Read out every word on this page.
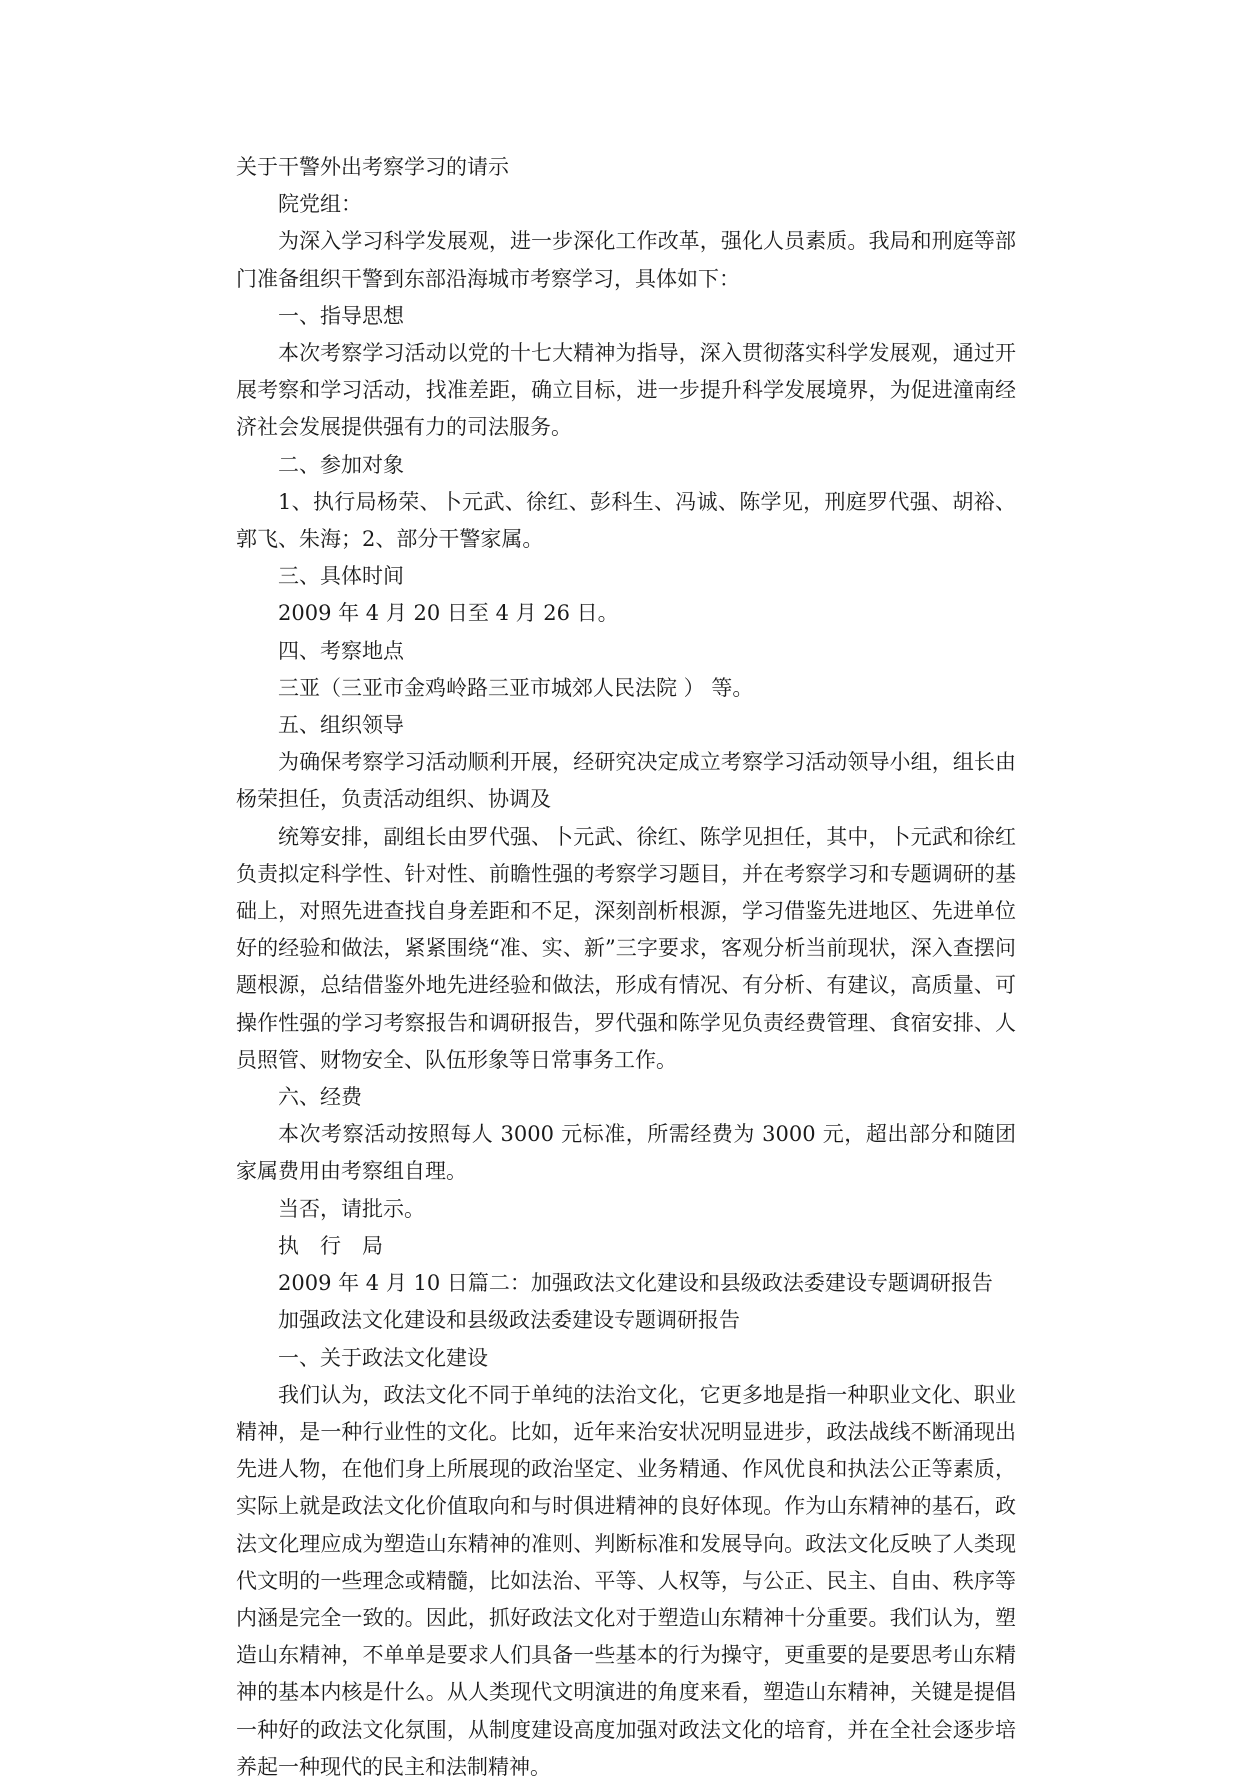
关于干警外出考察学习的请示

院党组：

为深入学习科学发展观，进一步深化工作改革，强化人员素质。我局和刑庭等部门准备组织干警到东部沿海城市考察学习，具体如下：

一、指导思想

本次考察学习活动以党的十七大精神为指导，深入贯彻落实科学发展观，通过开展考察和学习活动，找准差距，确立目标，进一步提升科学发展境界，为促进潼南经济社会发展提供强有力的司法服务。

二、参加对象

1、执行局杨荣、卜元武、徐红、彭科生、冯诚、陈学见，刑庭罗代强、胡裕、郭飞、朱海；2、部分干警家属。

三、具体时间

2009 年 4 月 20 日至 4 月 26 日。

四、考察地点

三亚（三亚市金鸡岭路三亚市城郊人民法院 ） 等。

五、组织领导

为确保考察学习活动顺利开展，经研究决定成立考察学习活动领导小组，组长由杨荣担任，负责活动组织、协调及

统筹安排，副组长由罗代强、卜元武、徐红、陈学见担任，其中，卜元武和徐红负责拟定科学性、针对性、前瞻性强的考察学习题目，并在考察学习和专题调研的基础上，对照先进查找自身差距和不足，深刻剖析根源，学习借鉴先进地区、先进单位好的经验和做法，紧紧围绕“准、实、新”三字要求，客观分析当前现状，深入查摆问题根源，总结借鉴外地先进经验和做法，形成有情况、有分析、有建议，高质量、可操作性强的学习考察报告和调研报告，罗代强和陈学见负责经费管理、食宿安排、人员照管、财物安全、队伍形象等日常事务工作。

六、经费

本次考察活动按照每人 3000 元标准，所需经费为 3000 元，超出部分和随团家属费用由考察组自理。

当否，请批示。

执　行　局

2009 年 4 月 10 日篇二：加强政法文化建设和县级政法委建设专题调研报告

加强政法文化建设和县级政法委建设专题调研报告

一、关于政法文化建设

我们认为，政法文化不同于单纯的法治文化，它更多地是指一种职业文化、职业精神，是一种行业性的文化。比如，近年来治安状况明显进步，政法战线不断涌现出先进人物，在他们身上所展现的政治坚定、业务精通、作风优良和执法公正等素质，实际上就是政法文化价值取向和与时俱进精神的良好体现。作为山东精神的基石，政法文化理应成为塑造山东精神的准则、判断标准和发展导向。政法文化反映了人类现代文明的一些理念或精髓，比如法治、平等、人权等，与公正、民主、自由、秩序等内涵是完全一致的。因此，抓好政法文化对于塑造山东精神十分重要。我们认为，塑造山东精神，不单单是要求人们具备一些基本的行为操守，更重要的是要思考山东精神的基本内核是什么。从人类现代文明演进的角度来看，塑造山东精神，关键是提倡一种好的政法文化氛围，从制度建设高度加强对政法文化的培育，并在全社会逐步培养起一种现代的民主和法制精神。
